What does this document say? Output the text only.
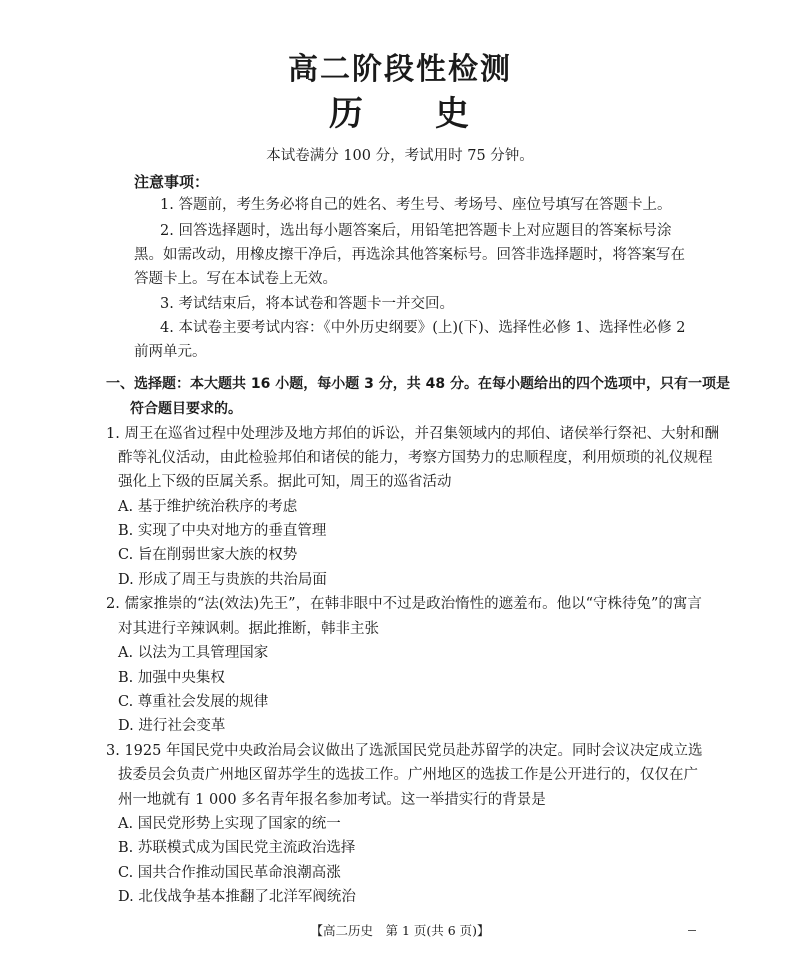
高二阶段性检测
历 史
本试卷满分 100 分，考试用时 75 分钟。
注意事项：
1. 答题前，考生务必将自己的姓名、考生号、考场号、座位号填写在答题卡上。
2. 回答选择题时，选出每小题答案后，用铅笔把答题卡上对应题目的答案标号涂
黑。如需改动，用橡皮擦干净后，再选涂其他答案标号。回答非选择题时，将答案写在
答题卡上。写在本试卷上无效。
3. 考试结束后，将本试卷和答题卡一并交回。
4. 本试卷主要考试内容：《中外历史纲要》(上)(下)、选择性必修 1、选择性必修 2
前两单元。
一、选择题：本大题共 16 小题，每小题 3 分，共 48 分。在每小题给出的四个选项中，只有一项是
符合题目要求的。
1. 周王在巡省过程中处理涉及地方邦伯的诉讼，并召集领域内的邦伯、诸侯举行祭祀、大射和酬
酢等礼仪活动，由此检验邦伯和诸侯的能力，考察方国势力的忠顺程度，利用烦琐的礼仪规程
强化上下级的臣属关系。据此可知，周王的巡省活动
A. 基于维护统治秩序的考虑
B. 实现了中央对地方的垂直管理
C. 旨在削弱世家大族的权势
D. 形成了周王与贵族的共治局面
2. 儒家推崇的“法(效法)先王”，在韩非眼中不过是政治惰性的遮羞布。他以“守株待兔”的寓言
对其进行辛辣讽刺。据此推断，韩非主张
A. 以法为工具管理国家
B. 加强中央集权
C. 尊重社会发展的规律
D. 进行社会变革
3. 1925 年国民党中央政治局会议做出了选派国民党员赴苏留学的决定。同时会议决定成立选
拔委员会负责广州地区留苏学生的选拔工作。广州地区的选拔工作是公开进行的，仅仅在广
州一地就有 1 000 多名青年报名参加考试。这一举措实行的背景是
A. 国民党形势上实现了国家的统一
B. 苏联模式成为国民党主流政治选择
C. 国共合作推动国民革命浪潮高涨
D. 北伐战争基本推翻了北洋军阀统治
【高二历史　第 1 页(共 6 页)】
